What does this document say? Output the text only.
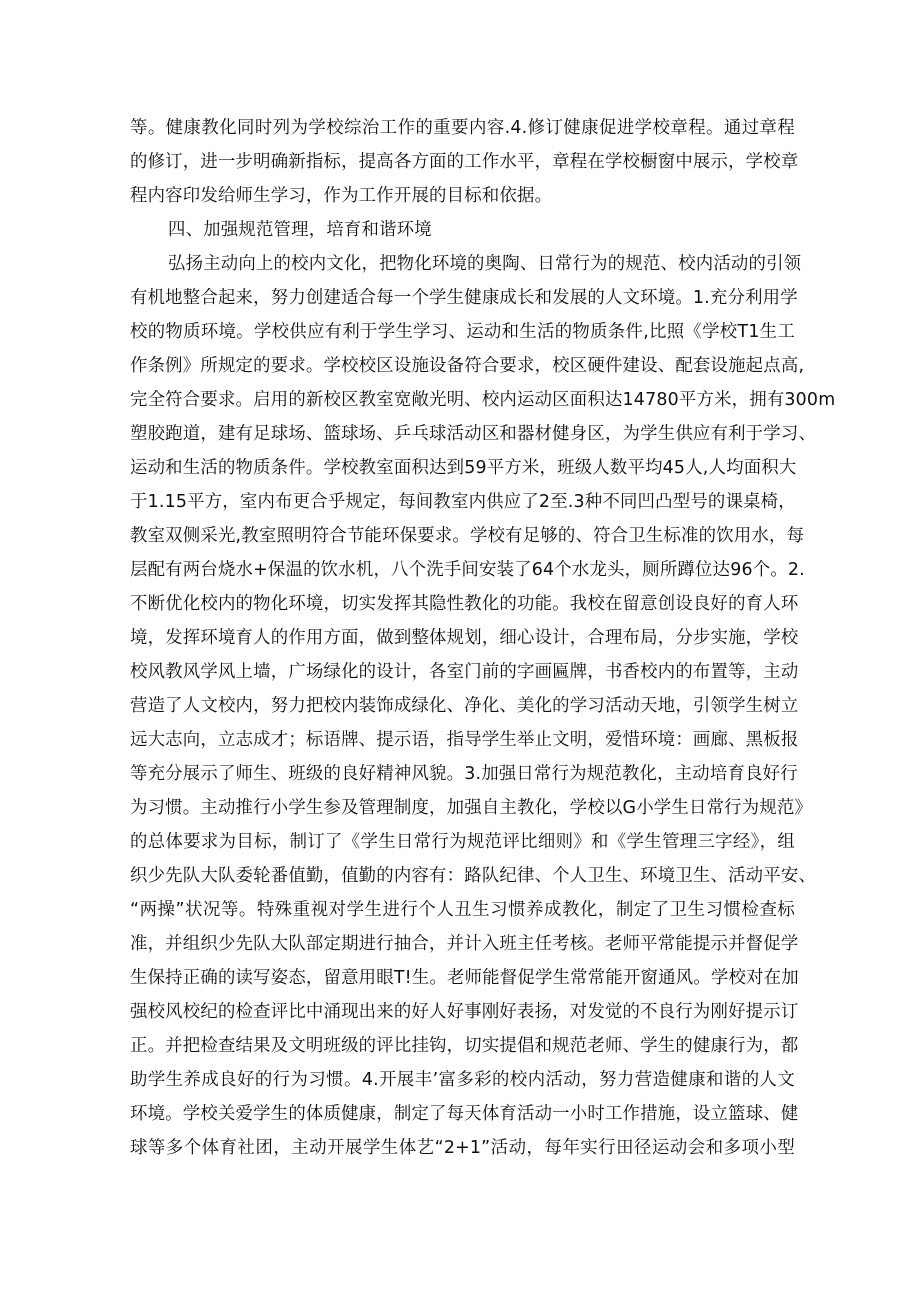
等。健康教化同时列为学校综治工作的重要内容.4.修订健康促进学校章程。通过章程
的修订，进一步明确新指标，提高各方面的工作水平，章程在学校橱窗中展示，学校章
程内容印发给师生学习，作为工作开展的目标和依据。
四、加强规范管理，培育和谐环境
弘扬主动向上的校内文化，把物化环境的奥陶、日常行为的规范、校内活动的引领
有机地整合起来，努力创建适合每一个学生健康成长和发展的人文环境。1.充分利用学
校的物质环境。学校供应有利于学生学习、运动和生活的物质条件,比照《学校T1生工
作条例》所规定的要求。学校校区设施设备符合要求，校区硬件建设、配套设施起点高,
完全符合要求。启用的新校区教室宽敞光明、校内运动区面积达14780平方米，拥有300m
塑胶跑道，建有足球场、篮球场、乒乓球活动区和器材健身区，为学生供应有利于学习、
运动和生活的物质条件。学校教室面积达到59平方米，班级人数平均45人,人均面积大
于1.15平方，室内布更合乎规定，每间教室内供应了2至.3种不同凹凸型号的课桌椅，
教室双侧采光,教室照明符合节能环保要求。学校有足够的、符合卫生标准的饮用水，每
层配有两台烧水+保温的饮水机，八个洗手间安装了64个水龙头，厕所蹲位达96个。2.
不断优化校内的物化环境，切实发挥其隐性教化的功能。我校在留意创设良好的育人环
境，发挥环境育人的作用方面，做到整体规划，细心设计，合理布局，分步实施，学校
校风教风学风上墙，广场绿化的设计，各室门前的字画匾牌，书香校内的布置等，主动
营造了人文校内，努力把校内装饰成绿化、净化、美化的学习活动天地，引领学生树立
远大志向，立志成才；标语牌、提示语，指导学生举止文明，爱惜环境：画廊、黑板报
等充分展示了师生、班级的良好精神风貌。3.加强日常行为规范教化，主动培育良好行
为习惯。主动推行小学生参及管理制度，加强自主教化，学校以G小学生日常行为规范》
的总体要求为目标，制订了《学生日常行为规范评比细则》和《学生管理三字经》，组
织少先队大队委轮番值勤，值勤的内容有：路队纪律、个人卫生、环境卫生、活动平安、
“两操”状况等。特殊重视对学生进行个人丑生习惯养成教化，制定了卫生习惯检查标
准，并组织少先队大队部定期进行抽合，并计入班主任考核。老师平常能提示并督促学
生保持正确的读写姿态，留意用眼T!生。老师能督促学生常常能开窗通风。学校对在加
强校风校纪的检查评比中涌现出来的好人好事刚好表扬，对发觉的不良行为刚好提示订
正。并把检查结果及文明班级的评比挂钩，切实提倡和规范老师、学生的健康行为，都
助学生养成良好的行为习惯。4.开展丰’富多彩的校内活动，努力营造健康和谐的人文
环境。学校关爱学生的体质健康，制定了每天体育活动一小时工作措施，设立篮球、健
球等多个体育社团，主动开展学生体艺“2+1”活动，每年实行田径运动会和多项小型
